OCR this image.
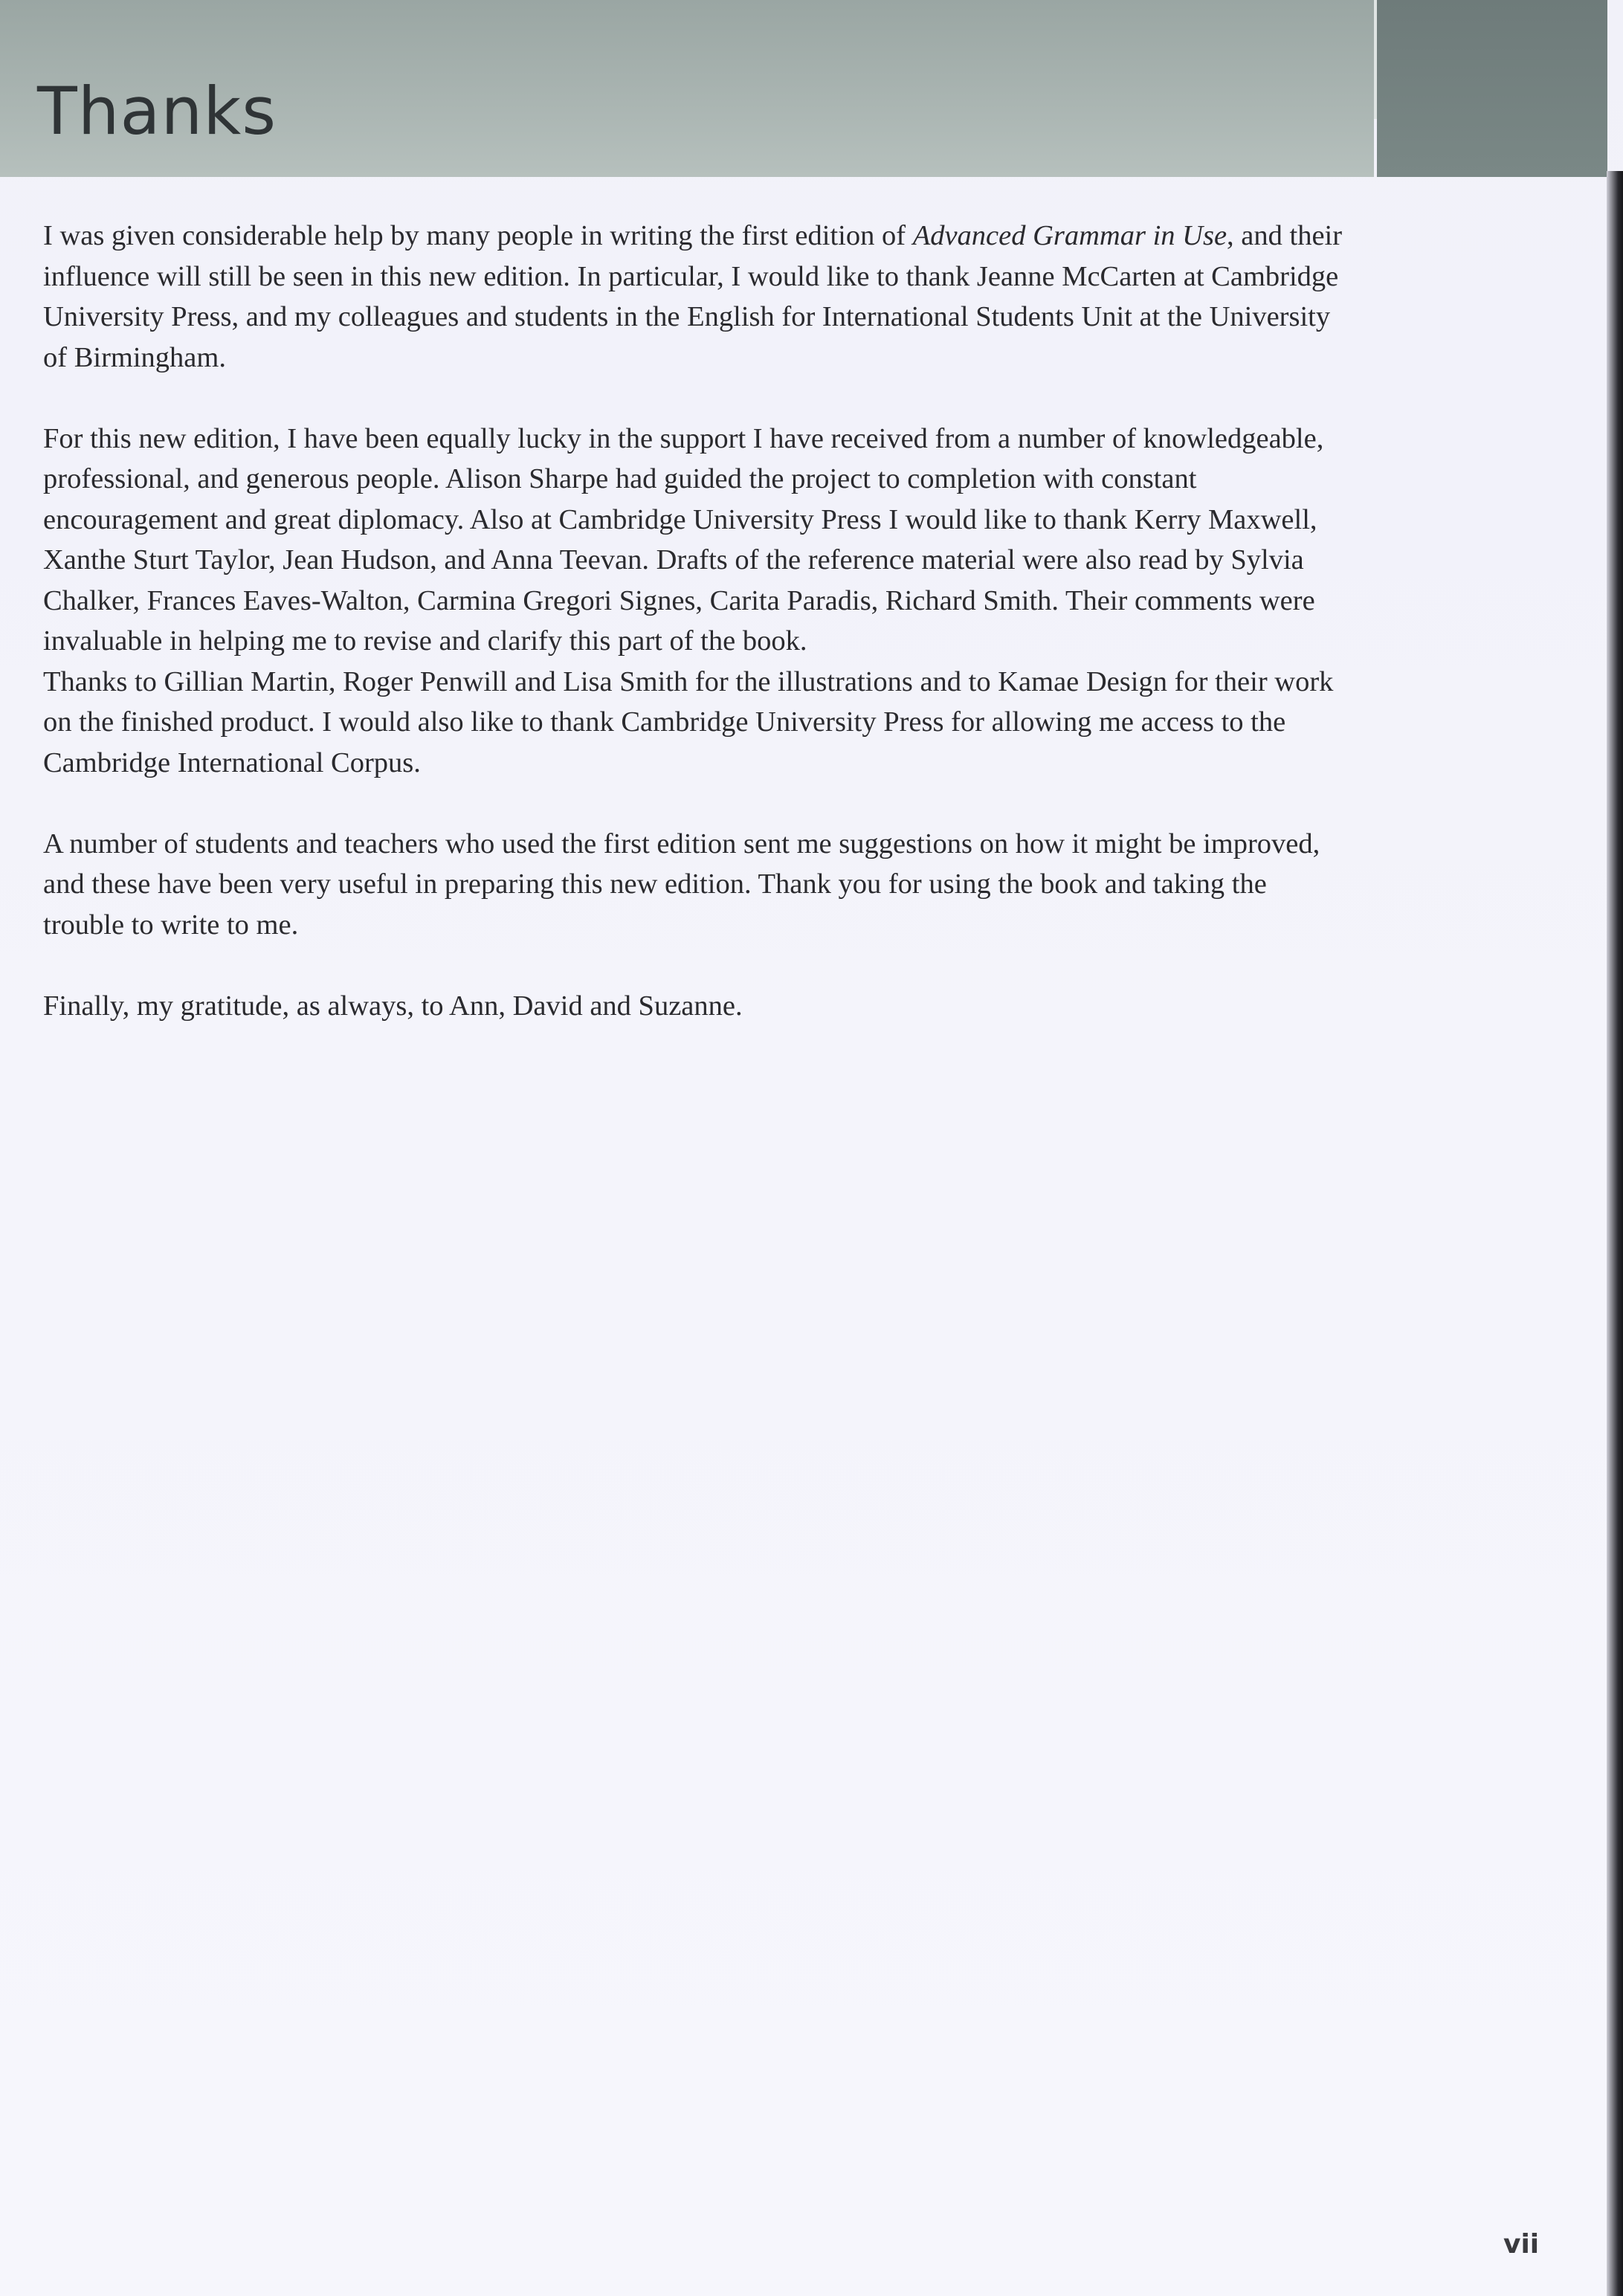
Thanks

I was given considerable help by many people in writing the first edition of Advanced Grammar in Use, and their influence will still be seen in this new edition. In particular, I would like to thank Jeanne McCarten at Cambridge University Press, and my colleagues and students in the English for International Students Unit at the University of Birmingham.

For this new edition, I have been equally lucky in the support I have received from a number of knowledgeable, professional, and generous people. Alison Sharpe had guided the project to completion with constant encouragement and great diplomacy. Also at Cambridge University Press I would like to thank Kerry Maxwell, Xanthe Sturt Taylor, Jean Hudson, and Anna Teevan. Drafts of the reference material were also read by Sylvia Chalker, Frances Eaves-Walton, Carmina Gregori Signes, Carita Paradis, Richard Smith. Their comments were invaluable in helping me to revise and clarify this part of the book.

Thanks to Gillian Martin, Roger Penwill and Lisa Smith for the illustrations and to Kamae Design for their work on the finished product. I would also like to thank Cambridge University Press for allowing me access to the Cambridge International Corpus.

A number of students and teachers who used the first edition sent me suggestions on how it might be improved, and these have been very useful in preparing this new edition. Thank you for using the book and taking the trouble to write to me.

Finally, my gratitude, as always, to Ann, David and Suzanne.

vii
